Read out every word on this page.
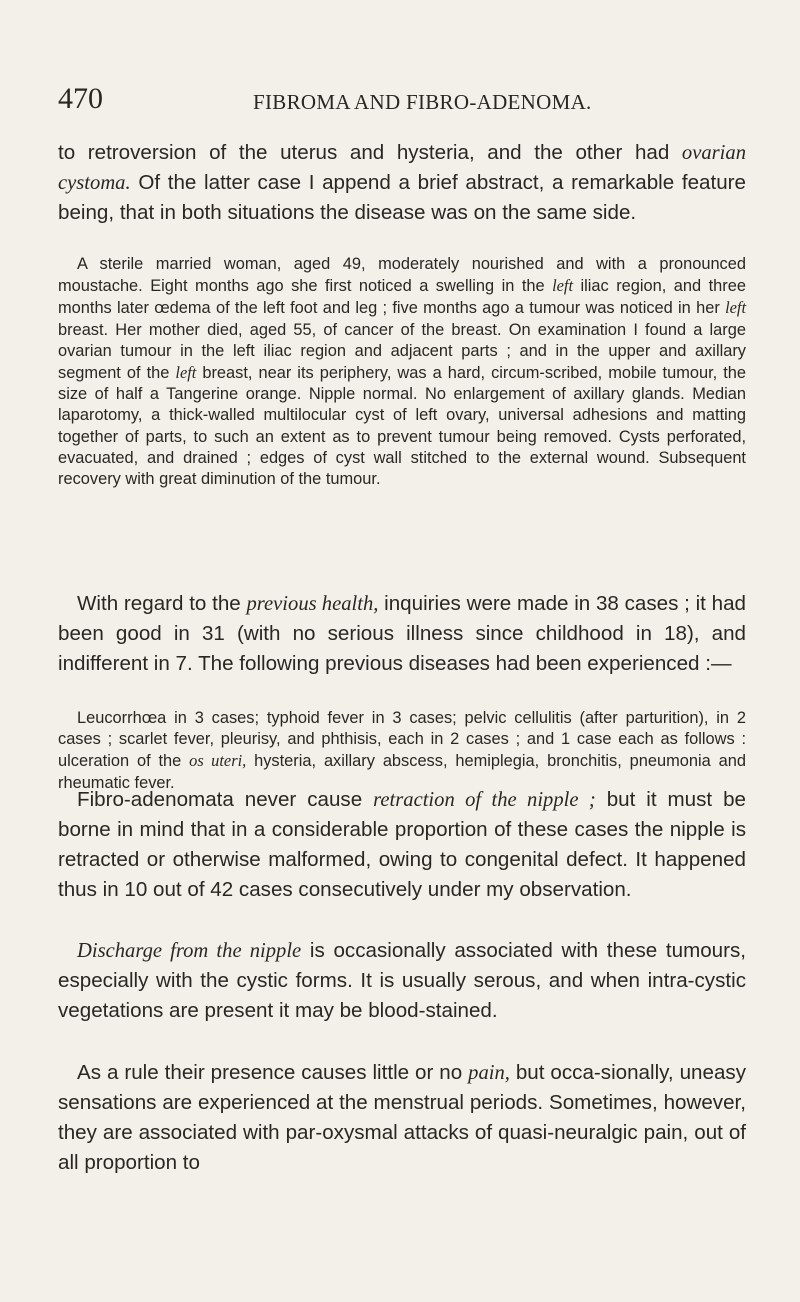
470	FIBROMA AND FIBRO-ADENOMA.

to retroversion of the uterus and hysteria, and the other had ovarian cystoma. Of the latter case I append a brief abstract, a remarkable feature being, that in both situations the disease was on the same side.

A sterile married woman, aged 49, moderately nourished and with a pronounced moustache. Eight months ago she first noticed a swelling in the left iliac region, and three months later œdema of the left foot and leg ; five months ago a tumour was noticed in her left breast. Her mother died, aged 55, of cancer of the breast. On examination I found a large ovarian tumour in the left iliac region and adjacent parts ; and in the upper and axillary segment of the left breast, near its periphery, was a hard, circum-scribed, mobile tumour, the size of half a Tangerine orange. Nipple normal. No enlargement of axillary glands. Median laparotomy, a thick-walled multilocular cyst of left ovary, universal adhesions and matting together of parts, to such an extent as to prevent tumour being removed. Cysts perforated, evacuated, and drained ; edges of cyst wall stitched to the external wound. Subsequent recovery with great diminution of the tumour.

With regard to the previous health, inquiries were made in 38 cases ; it had been good in 31 (with no serious illness since childhood in 18), and indifferent in 7. The following previous diseases had been experienced :—

Leucorrhœa in 3 cases; typhoid fever in 3 cases; pelvic cellulitis (after parturition), in 2 cases ; scarlet fever, pleurisy, and phthisis, each in 2 cases ; and 1 case each as follows : ulceration of the os uteri, hysteria, axillary abscess, hemiplegia, bronchitis, pneumonia and rheumatic fever.

Fibro-adenomata never cause retraction of the nipple ; but it must be borne in mind that in a considerable proportion of these cases the nipple is retracted or otherwise malformed, owing to congenital defect. It happened thus in 10 out of 42 cases consecutively under my observation.

Discharge from the nipple is occasionally associated with these tumours, especially with the cystic forms. It is usually serous, and when intra-cystic vegetations are present it may be blood-stained.

As a rule their presence causes little or no pain, but occa-sionally, uneasy sensations are experienced at the menstrual periods. Sometimes, however, they are associated with par-oxysmal attacks of quasi-neuralgic pain, out of all proportion to
